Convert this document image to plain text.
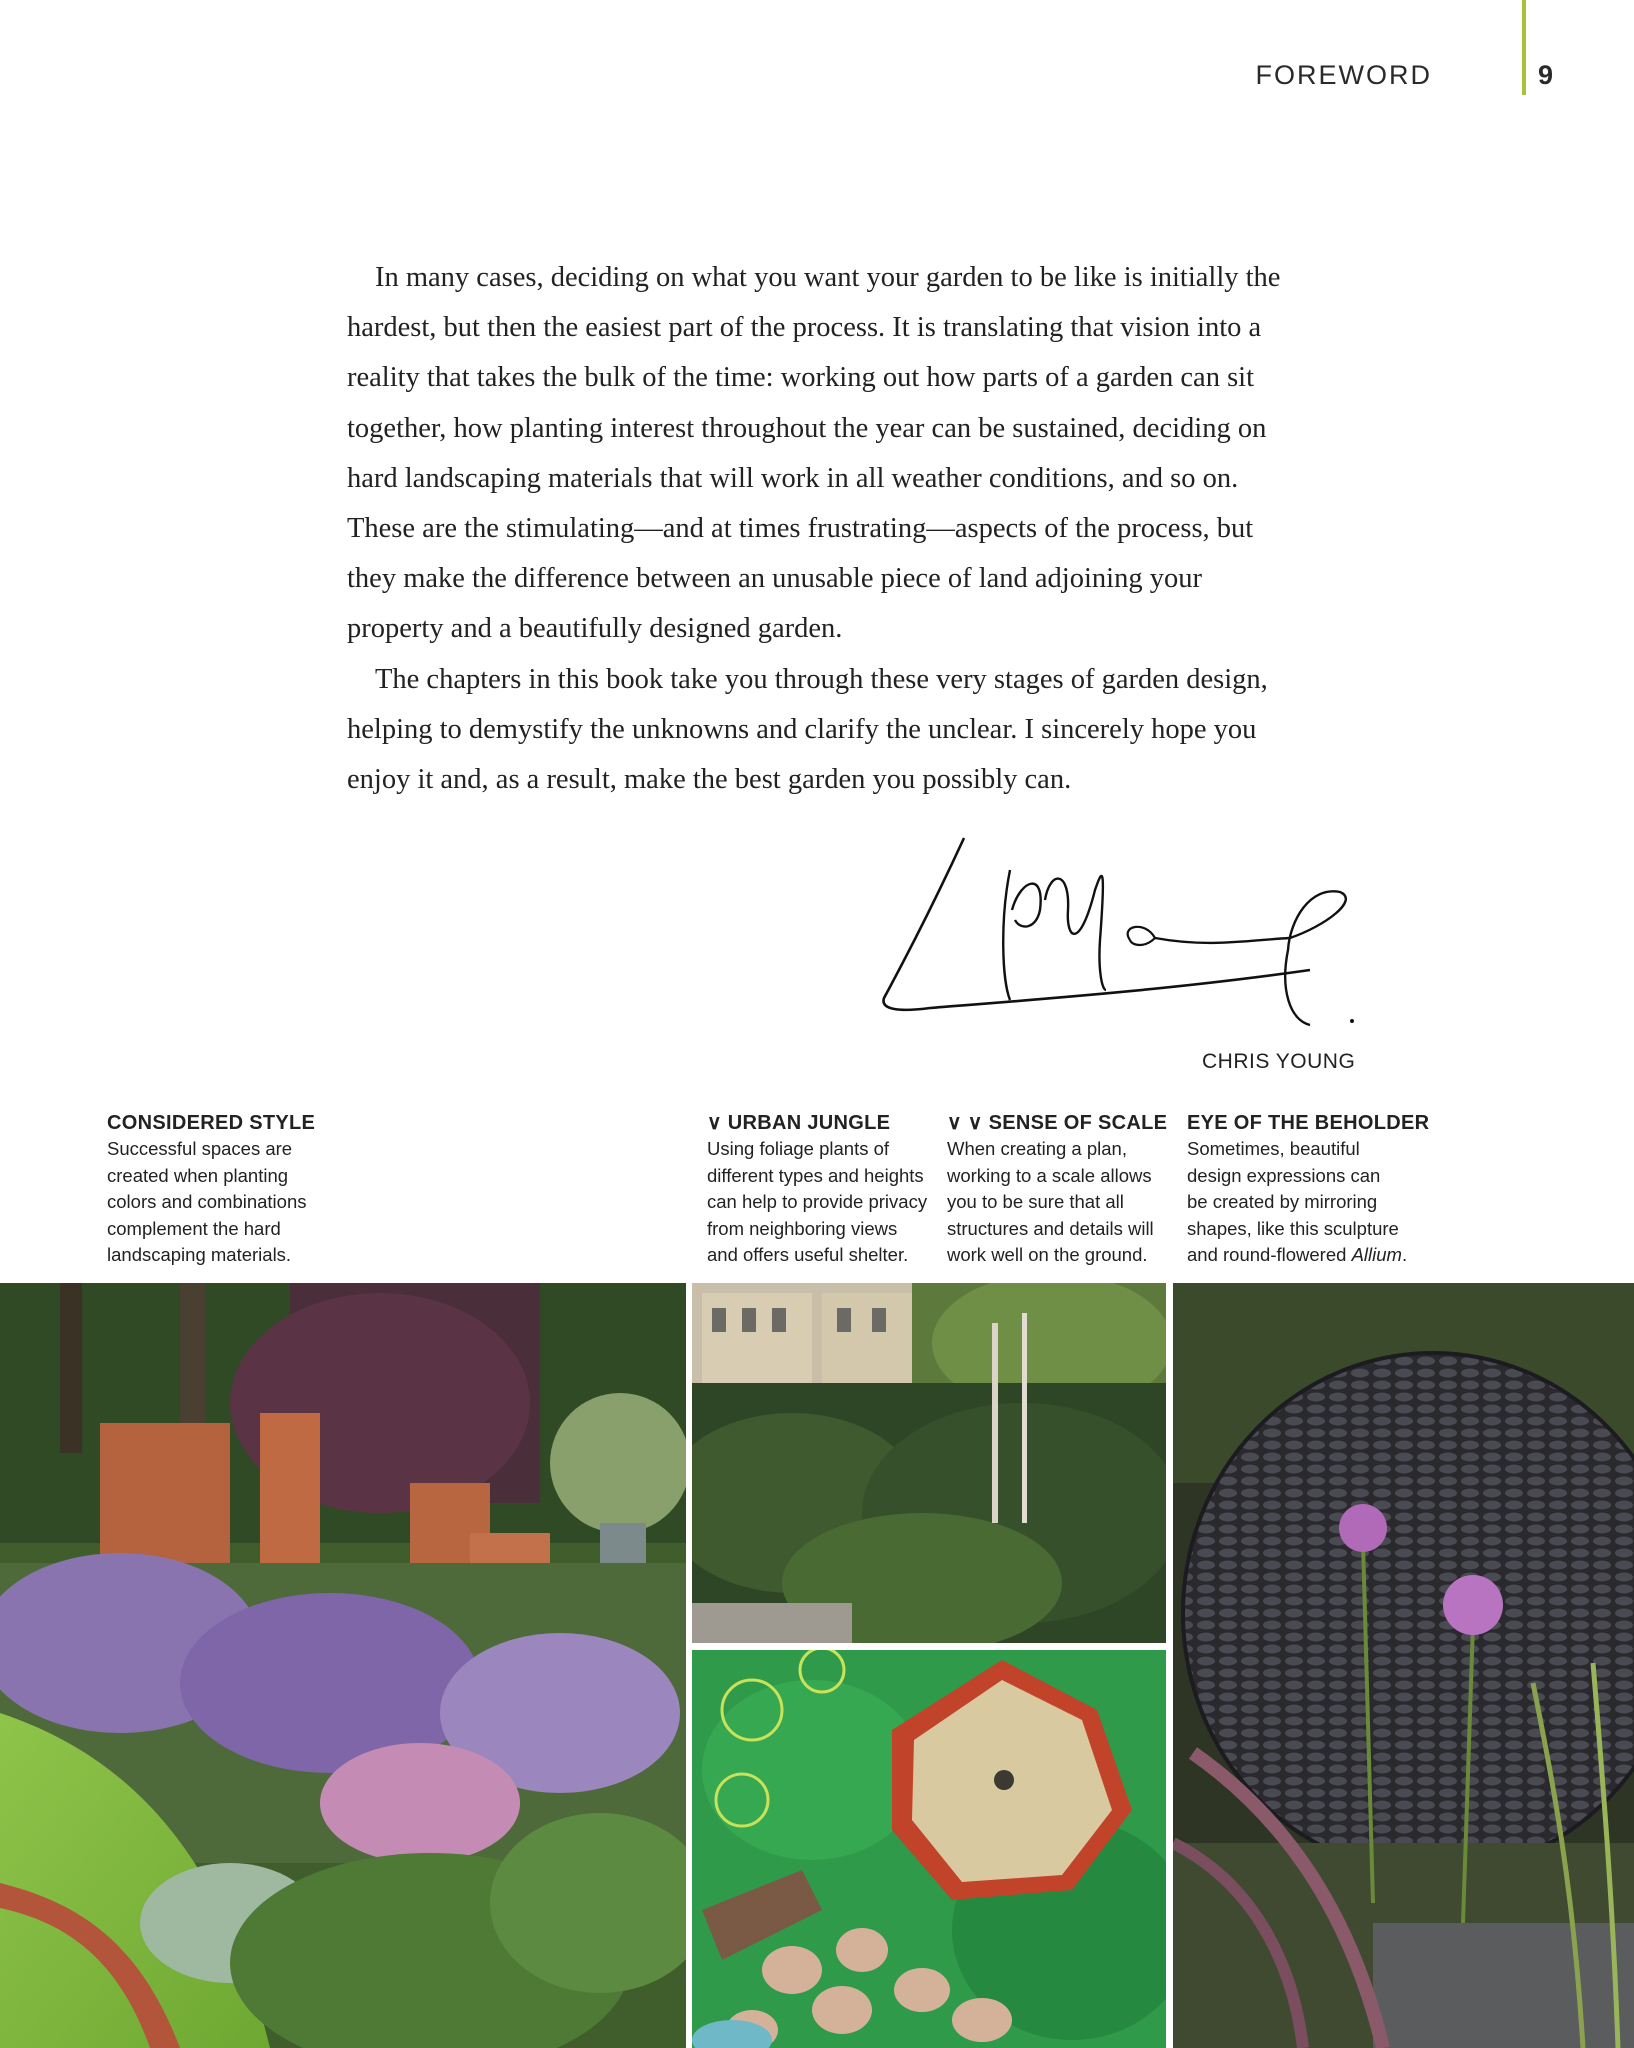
FOREWORD	9

In many cases, deciding on what you want your garden to be like is initially the hardest, but then the easiest part of the process. It is translating that vision into a reality that takes the bulk of the time: working out how parts of a garden can sit together, how planting interest throughout the year can be sustained, deciding on hard landscaping materials that will work in all weather conditions, and so on. These are the stimulating—and at times frustrating—aspects of the process, but they make the difference between an unusable piece of land adjoining your property and a beautifully designed garden.

The chapters in this book take you through these very stages of garden design, helping to demystify the unknowns and clarify the unclear. I sincerely hope you enjoy it and, as a result, make the best garden you possibly can.

CHRIS YOUNG
CONSIDERED STYLE
Successful spaces are
created when planting
colors and combinations
complement the hard
landscaping materials.
∨ URBAN JUNGLE
Using foliage plants of
different types and heights
can help to provide privacy
from neighboring views
and offers useful shelter.
∨ ∨ SENSE OF SCALE
When creating a plan,
working to a scale allows
you to be sure that all
structures and details will
work well on the ground.
EYE OF THE BEHOLDER
Sometimes, beautiful
design expressions can
be created by mirroring
shapes, like this sculpture
and round-flowered Allium.
